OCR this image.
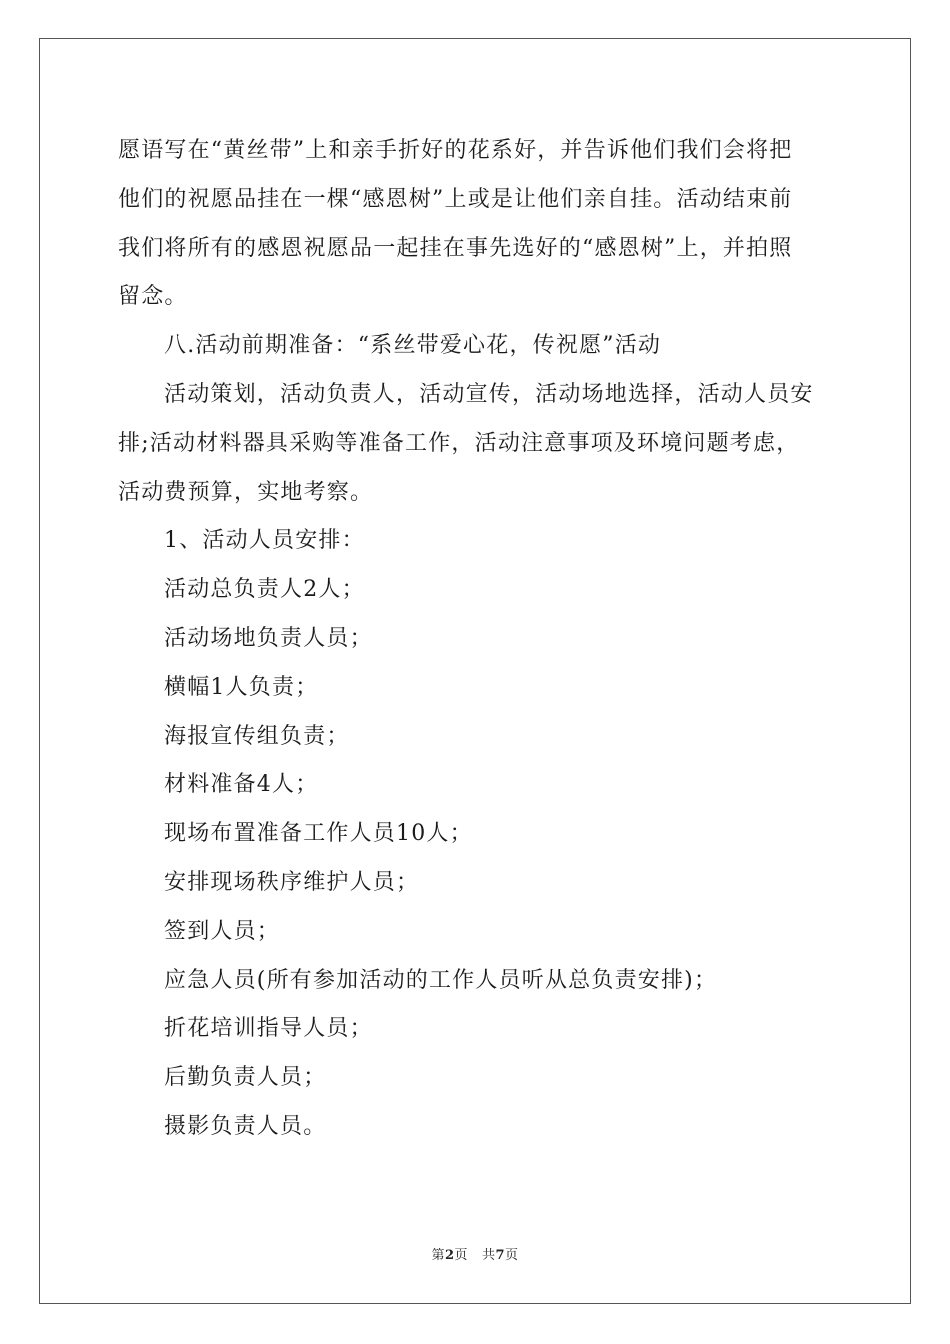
愿语写在“黄丝带”上和亲手折好的花系好，并告诉他们我们会将把
他们的祝愿品挂在一棵“感恩树”上或是让他们亲自挂。活动结束前
我们将所有的感恩祝愿品一起挂在事先选好的“感恩树”上，并拍照
留念。
八.活动前期准备：“系丝带爱心花，传祝愿”活动
活动策划，活动负责人，活动宣传，活动场地选择，活动人员安
排;活动材料器具采购等准备工作，活动注意事项及环境问题考虑，
活动费预算，实地考察。
1、活动人员安排：
活动总负责人2人；
活动场地负责人员；
横幅1人负责；
海报宣传组负责；
材料准备4人；
现场布置准备工作人员10人；
安排现场秩序维护人员；
签到人员；
应急人员(所有参加活动的工作人员听从总负责安排)；
折花培训指导人员；
后勤负责人员；
摄影负责人员。
第2页 共7页
